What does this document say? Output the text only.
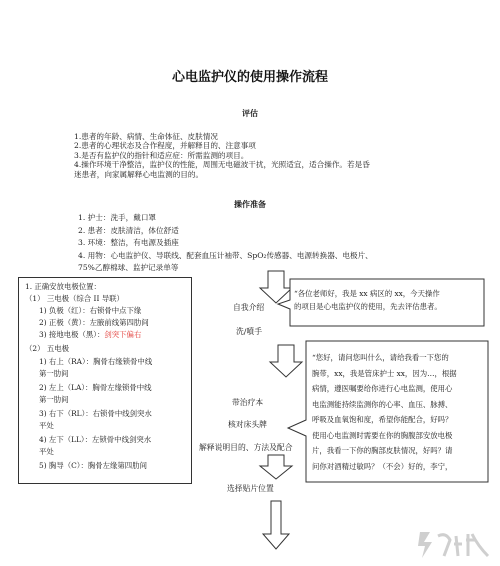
心电监护仪的使用操作流程
评估
1.患者的年龄、病情、生命体征、皮肤情况
2.患者的心理状态及合作程度，并解释目的、注意事项
3.是否有监护仪的指针和适应症：所需监测的项目。
4.操作环境干净整洁，监护仪的性能，周围无电磁波干扰，光照适宜，适合操作。若是昏
迷患者，向家属解释心电监测的目的。
操作准备
1. 护士：洗手，戴口罩
2. 患者：皮肤清洁，体位舒适
3. 环境：整洁，有电源及插座
4. 用物：心电监护仪、导联线、配套血压计袖带、SpO₂传感器、电源转换器、电极片、
75%乙醇棉球、监护记录单等
1. 正确安放电极位置：
（1） 三电极（综合 II 导联）
1) 负极（红）：右锁骨中点下缘
2) 正极（黄）：左腋前线第四肋间
3) 接地电极（黑）：剑突下偏右
（2） 五电极
1) 右上（RA）：胸骨右缘锁骨中线
第一肋间
2) 左上（LA）：胸骨左缘锁骨中线
第一肋间
3) 右下（RL）：右锁骨中线剑突水
平处
4) 左下（LL）：左锁骨中线剑突水
平处
5) 胸导（C）：胸骨左缘第四肋间
自我介绍
洗/噴手
带治疗本
核对床头牌
解释说明目的、方法及配合
选择贴片位置
“各位老师好，我是 xx 病区的 xx，今天操作
的项目是心电监护仪的使用，先去评估患者。
“您好，请问您叫什么，请给我看一下您的
腕带，xx，我是管床护士 xx，因为…，根据
病情，遵医嘱要给你进行心电监测，使用心
电监测能持续监测你的心率、血压、脉搏、
呼吸及血氧饱和度，希望你能配合，好吗？
使用心电监测时需要在你的胸腹部安放电极
片，我看一下你的胸部皮肤情况，好吗？请
问你对酒精过敏吗？（不会）好的，李宁，
